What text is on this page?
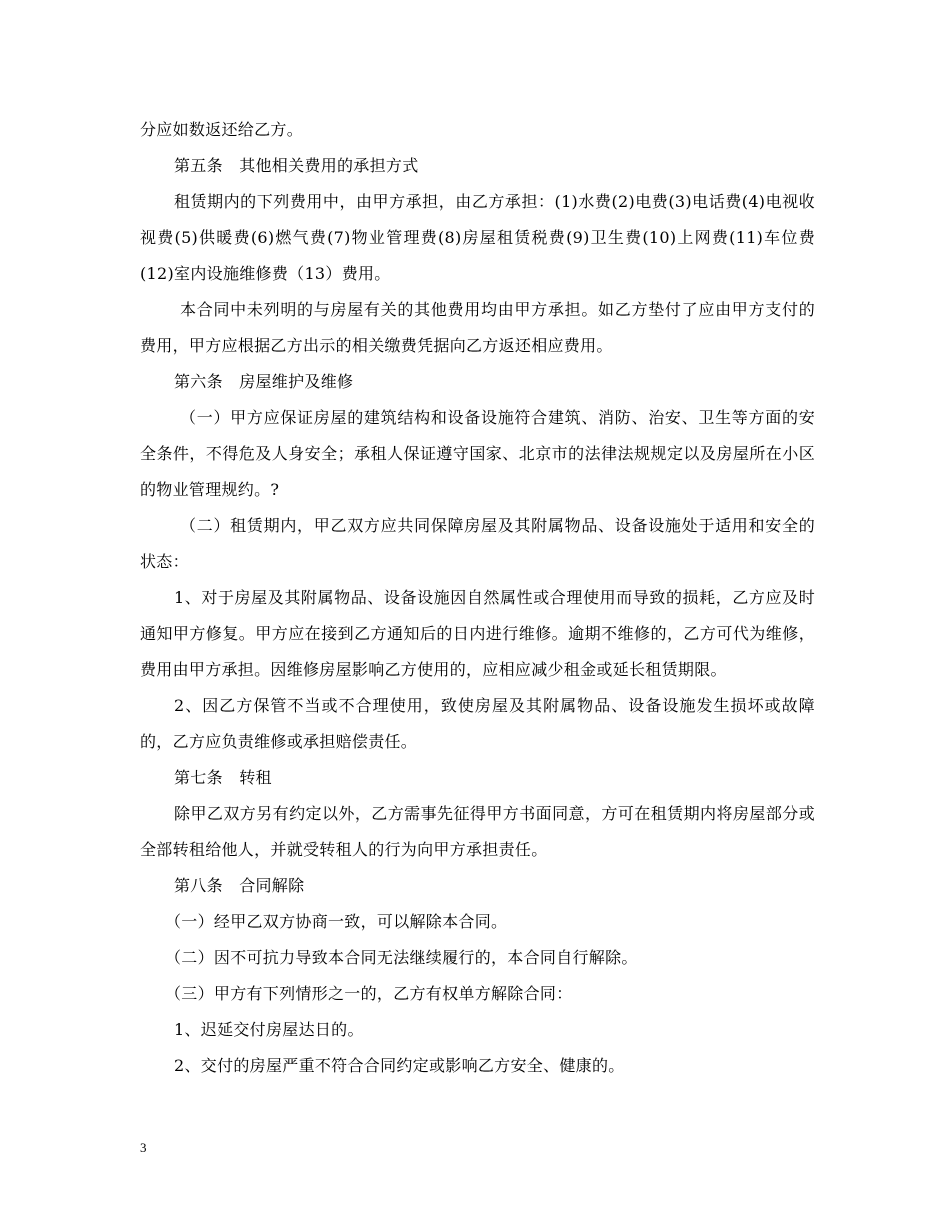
分应如数返还给乙方。

第五条　其他相关费用的承担方式

租赁期内的下列费用中，由甲方承担，由乙方承担：(1)水费(2)电费(3)电话费(4)电视收视费(5)供暖费(6)燃气费(7)物业管理费(8)房屋租赁税费(9)卫生费(10)上网费(11)车位费(12)室内设施维修费（13）费用。

本合同中未列明的与房屋有关的其他费用均由甲方承担。如乙方垫付了应由甲方支付的费用，甲方应根据乙方出示的相关缴费凭据向乙方返还相应费用。

第六条　房屋维护及维修

（一）甲方应保证房屋的建筑结构和设备设施符合建筑、消防、治安、卫生等方面的安全条件，不得危及人身安全；承租人保证遵守国家、北京市的法律法规规定以及房屋所在小区的物业管理规约。?

（二）租赁期内，甲乙双方应共同保障房屋及其附属物品、设备设施处于适用和安全的状态：

1、对于房屋及其附属物品、设备设施因自然属性或合理使用而导致的损耗，乙方应及时通知甲方修复。甲方应在接到乙方通知后的日内进行维修。逾期不维修的，乙方可代为维修，费用由甲方承担。因维修房屋影响乙方使用的，应相应减少租金或延长租赁期限。

2、因乙方保管不当或不合理使用，致使房屋及其附属物品、设备设施发生损坏或故障的，乙方应负责维修或承担赔偿责任。

第七条　转租

除甲乙双方另有约定以外，乙方需事先征得甲方书面同意，方可在租赁期内将房屋部分或全部转租给他人，并就受转租人的行为向甲方承担责任。

第八条　合同解除

（一）经甲乙双方协商一致，可以解除本合同。

（二）因不可抗力导致本合同无法继续履行的，本合同自行解除。

（三）甲方有下列情形之一的，乙方有权单方解除合同：

1、迟延交付房屋达日的。

2、交付的房屋严重不符合合同约定或影响乙方安全、健康的。

3
